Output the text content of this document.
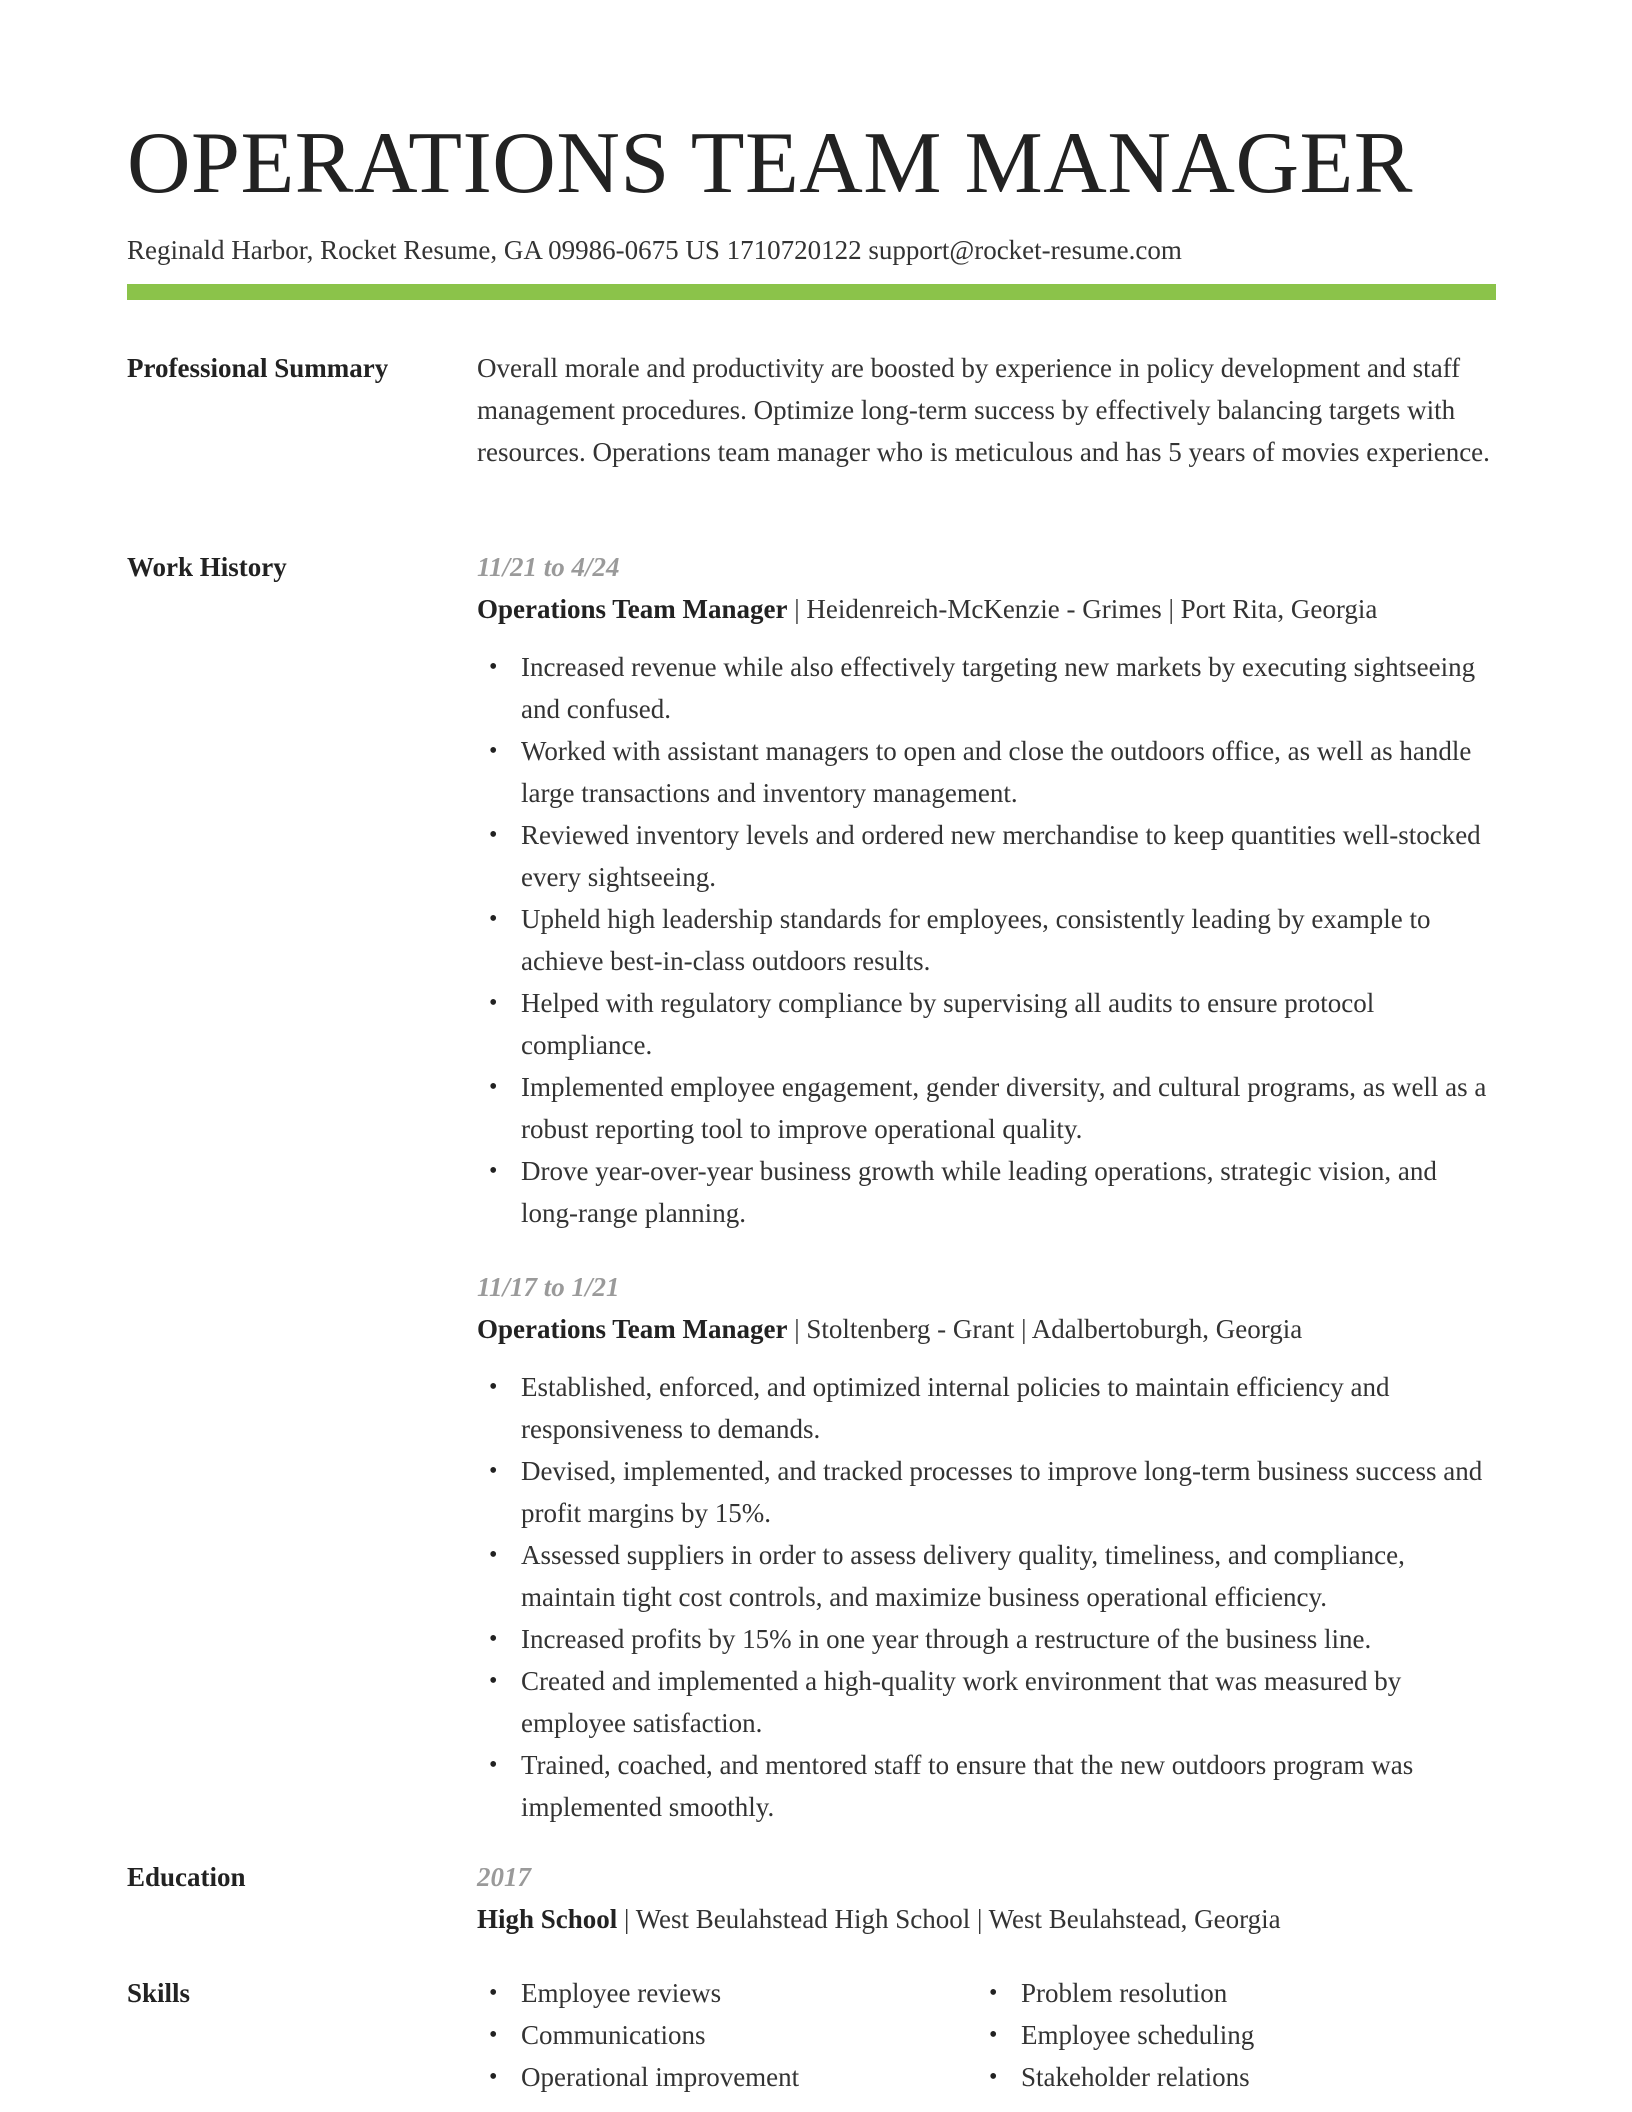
OPERATIONS TEAM MANAGER
Reginald Harbor, Rocket Resume, GA 09986-0675 US 1710720122 support@rocket-resume.com
Professional Summary	Overall morale and productivity are boosted by experience in policy development and staff management procedures. Optimize long-term success by effectively balancing targets with resources. Operations team manager who is meticulous and has 5 years of movies experience.
Work History	11/21 to 4/24
Operations Team Manager | Heidenreich-McKenzie - Grimes | Port Rita, Georgia
• Increased revenue while also effectively targeting new markets by executing sightseeing and confused.
• Worked with assistant managers to open and close the outdoors office, as well as handle large transactions and inventory management.
• Reviewed inventory levels and ordered new merchandise to keep quantities well-stocked every sightseeing.
• Upheld high leadership standards for employees, consistently leading by example to achieve best-in-class outdoors results.
• Helped with regulatory compliance by supervising all audits to ensure protocol compliance.
• Implemented employee engagement, gender diversity, and cultural programs, as well as a robust reporting tool to improve operational quality.
• Drove year-over-year business growth while leading operations, strategic vision, and long-range planning.
11/17 to 1/21
Operations Team Manager | Stoltenberg - Grant | Adalbertoburgh, Georgia
• Established, enforced, and optimized internal policies to maintain efficiency and responsiveness to demands.
• Devised, implemented, and tracked processes to improve long-term business success and profit margins by 15%.
• Assessed suppliers in order to assess delivery quality, timeliness, and compliance, maintain tight cost controls, and maximize business operational efficiency.
• Increased profits by 15% in one year through a restructure of the business line.
• Created and implemented a high-quality work environment that was measured by employee satisfaction.
• Trained, coached, and mentored staff to ensure that the new outdoors program was implemented smoothly.
Education	2017
High School | West Beulahstead High School | West Beulahstead, Georgia
Skills
•	Employee reviews
• Communications
• Operational improvement
• Problem resolution
• Employee scheduling
• Stakeholder relations
